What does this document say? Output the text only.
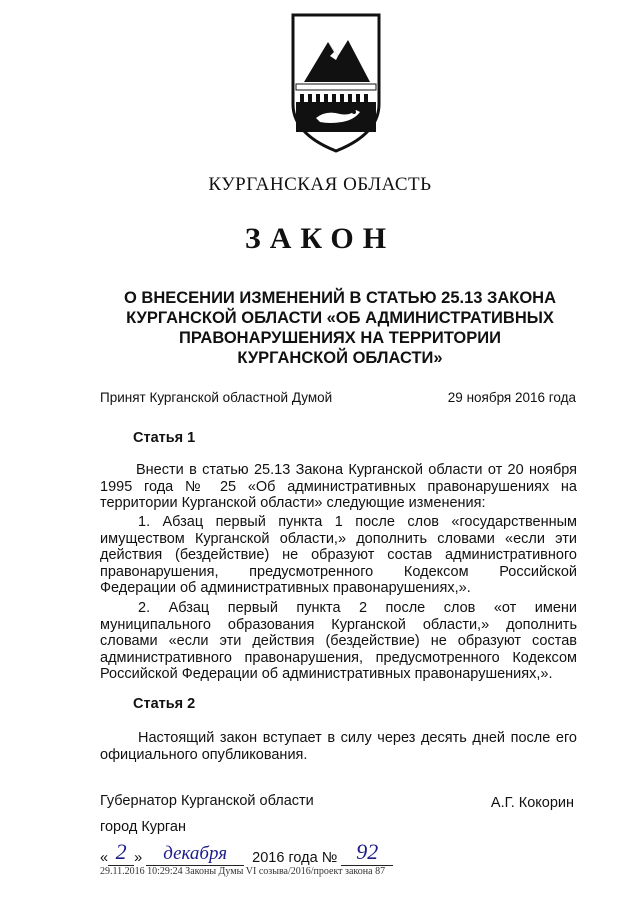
КУРГАНСКАЯ ОБЛАСТЬ
ЗАКОН
О ВНЕСЕНИИ ИЗМЕНЕНИЙ В СТАТЬЮ 25.13 ЗАКОНА
КУРГАНСКОЙ ОБЛАСТИ «ОБ АДМИНИСТРАТИВНЫХ
ПРАВОНАРУШЕНИЯХ НА ТЕРРИТОРИИ
КУРГАНСКОЙ ОБЛАСТИ»
Принят Курганской областной Думой	29 ноября 2016 года
Статья 1
Внести в статью 25.13 Закона Курганской области от 20 ноября
1995 года № 25 «Об административных правонарушениях на
территории Курганской области» следующие изменения:
1. Абзац первый пункта 1 после слов «государственным
имуществом Курганской области,» дополнить словами «если эти
действия (бездействие) не образуют состав административного
правонарушения, предусмотренного Кодексом Российской
Федерации об административных правонарушениях,».
2. Абзац первый пункта 2 после слов «от имени
муниципального образования Курганской области,» дополнить
словами «если эти действия (бездействие) не образуют состав
административного правонарушения, предусмотренного Кодексом
Российской Федерации об административных правонарушениях,».
Статья 2
Настоящий закон вступает в силу через десять дней после его
официального опубликования.
Губернатор Курганской области	А.Г. Кокорин
город Курган
« 2 »	декабря	2016 года № 92
29.11.2016 10:29:24 Законы Думы VI созыва/2016/проект закона 87
